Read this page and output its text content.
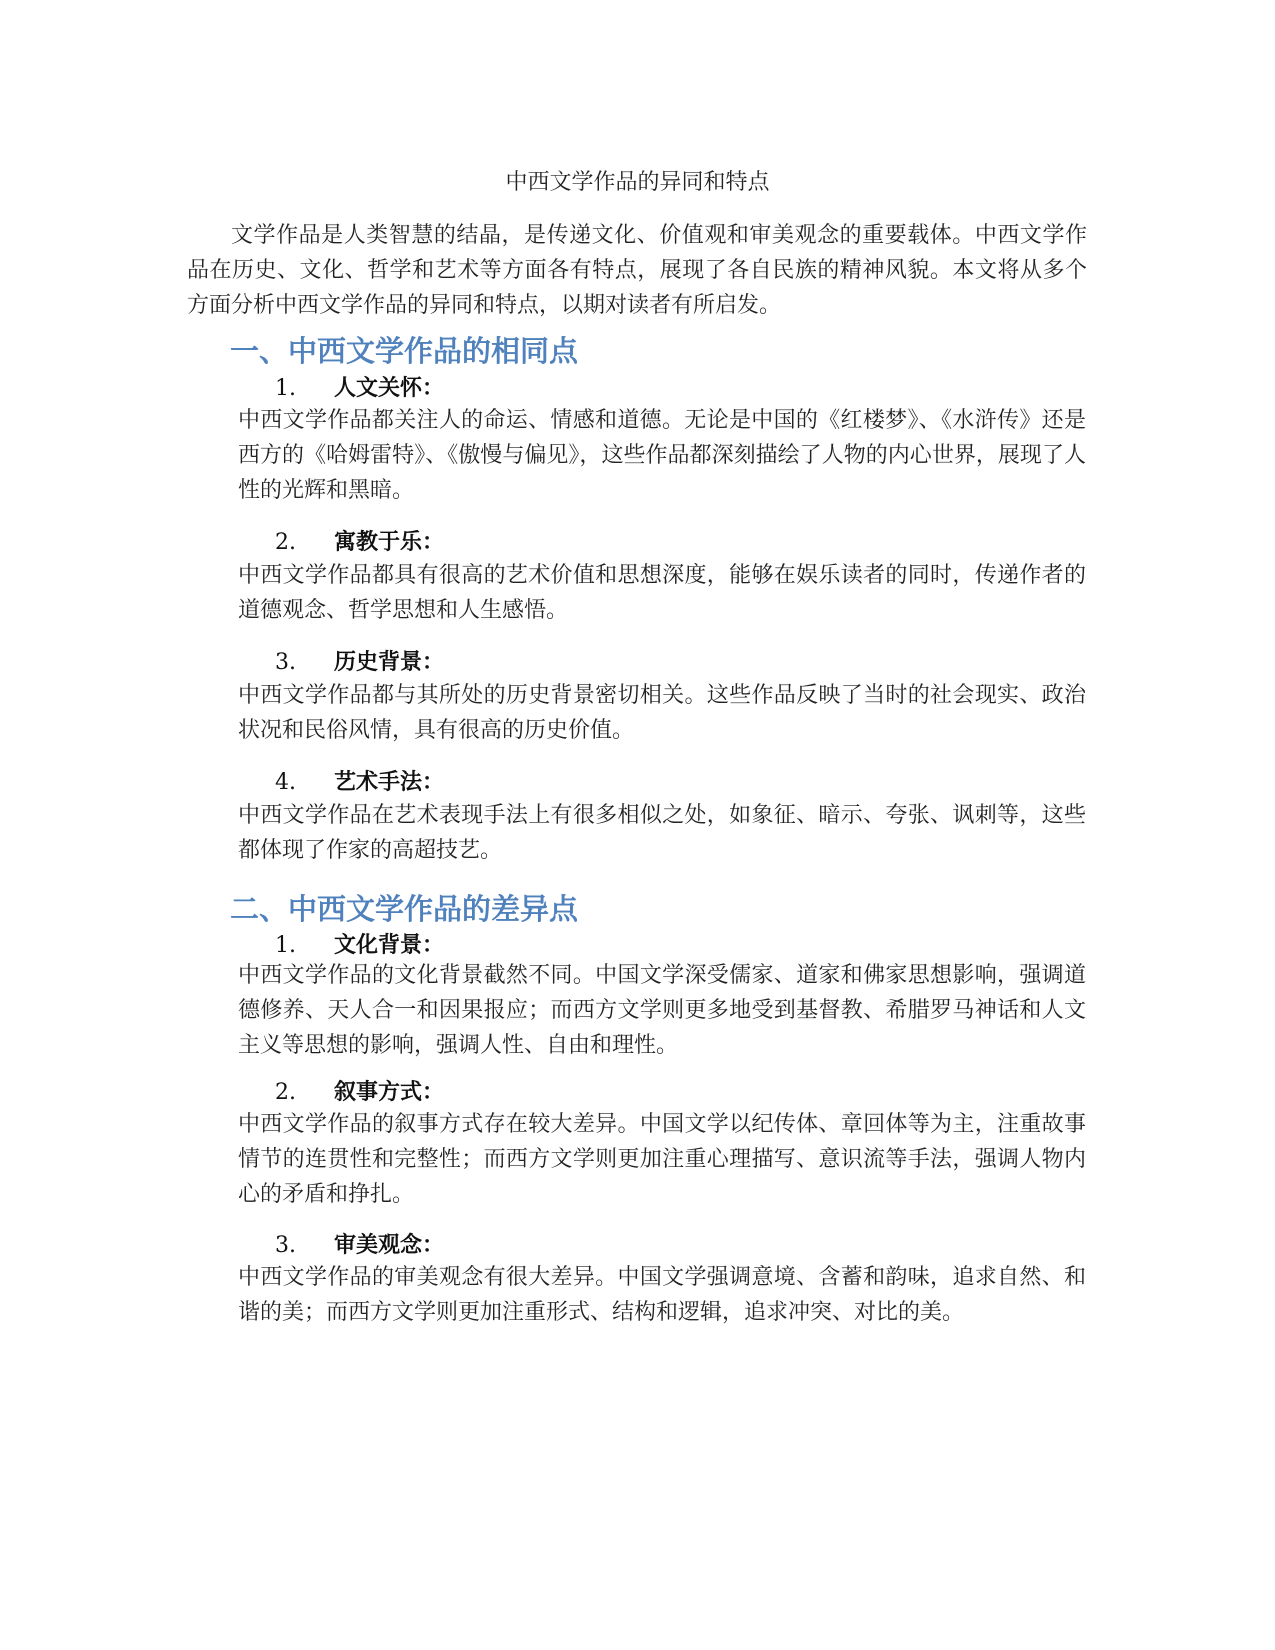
中西文学作品的异同和特点

文学作品是人类智慧的结晶，是传递文化、价值观和审美观念的重要载体。中西文学作品在历史、文化、哲学和艺术等方面各有特点，展现了各自民族的精神风貌。本文将从多个方面分析中西文学作品的异同和特点，以期对读者有所启发。

一、中西文学作品的相同点
1. 人文关怀：

中西文学作品都关注人的命运、情感和道德。无论是中国的《红楼梦》、《水浒传》还是西方的《哈姆雷特》、《傲慢与偏见》，这些作品都深刻描绘了人物的内心世界，展现了人性的光辉和黑暗。

2. 寓教于乐：

中西文学作品都具有很高的艺术价值和思想深度，能够在娱乐读者的同时，传递作者的道德观念、哲学思想和人生感悟。

3. 历史背景：

中西文学作品都与其所处的历史背景密切相关。这些作品反映了当时的社会现实、政治状况和民俗风情，具有很高的历史价值。

4. 艺术手法：

中西文学作品在艺术表现手法上有很多相似之处，如象征、暗示、夸张、讽刺等，这些都体现了作家的高超技艺。

二、中西文学作品的差异点
1. 文化背景：

中西文学作品的文化背景截然不同。中国文学深受儒家、道家和佛家思想影响，强调道德修养、天人合一和因果报应；而西方文学则更多地受到基督教、希腊罗马神话和人文主义等思想的影响，强调人性、自由和理性。

2. 叙事方式：

中西文学作品的叙事方式存在较大差异。中国文学以纪传体、章回体等为主，注重故事情节的连贯性和完整性；而西方文学则更加注重心理描写、意识流等手法，强调人物内心的矛盾和挣扎。

3. 审美观念：

中西文学作品的审美观念有很大差异。中国文学强调意境、含蓄和韵味，追求自然、和谐的美；而西方文学则更加注重形式、结构和逻辑，追求冲突、对比的美。
